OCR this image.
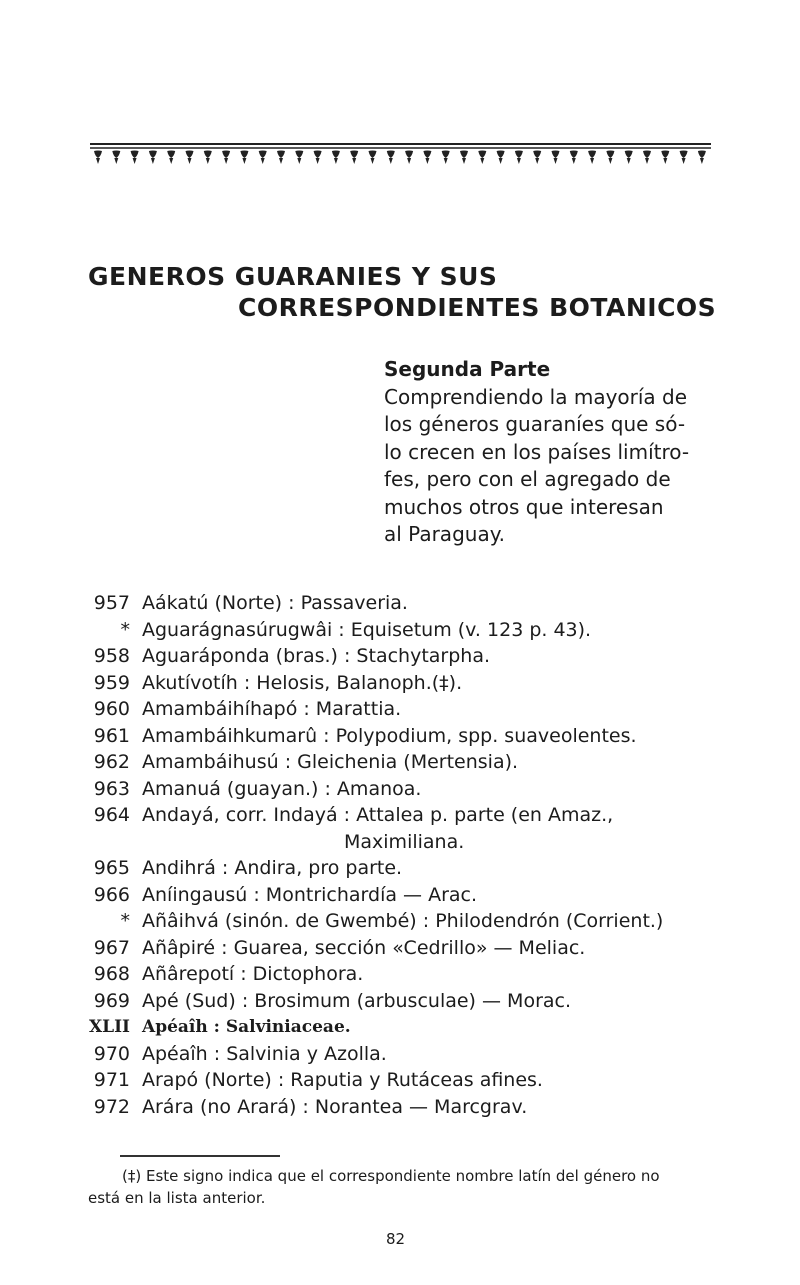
GENEROS GUARANIES Y SUS
CORRESPONDIENTES BOTANICOS
Segunda Parte
Comprendiendo la mayoría de
los géneros guaraníes que só-
lo crecen en los países limítro-
fes, pero con el agregado de
muchos otros que interesan
al Paraguay.
957 Aákatú (Norte) : Passaveria.
* Aguarágnasúrugwâi : Equisetum (v. 123 p. 43).
958 Aguaráponda (bras.) : Stachytarpha.
959 Akutívotíh : Helosis, Balanoph.(‡).
960 Amambáihíhapó : Marattia.
961 Amambáihkumarû : Polypodium, spp. suaveolentes.
962 Amambáihusú : Gleichenia (Mertensia).
963 Amanuá (guayan.) : Amanoa.
964 Andayá, corr. Indayá : Attalea p. parte (en Amaz.,
Maximiliana.
965 Andihrá : Andira, pro parte.
966 Aníingausú : Montrichardía — Arac.
* Añâihvá (sinón. de Gwembé) : Philodendrón (Corrient.)
967 Añâpiré : Guarea, sección «Cedrillo» — Meliac.
968 Añârepotí : Dictophora.
969 Apé (Sud) : Brosimum (arbusculae) — Morac.
XLII Apéaîh : Salviniaceae.
970 Apéaîh : Salvinia y Azolla.
971 Arapó (Norte) : Raputia y Rutáceas afines.
972 Arára (no Arará) : Norantea — Marcgrav.
(‡) Este signo indica que el correspondiente nombre latín del género no
está en la lista anterior.
82
